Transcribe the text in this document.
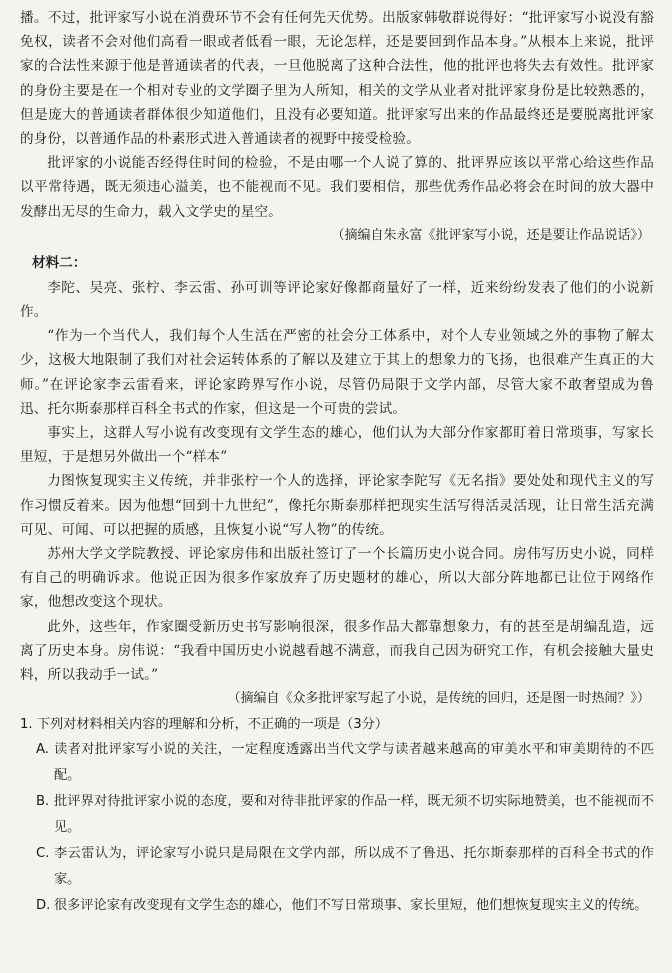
播。不过，批评家写小说在消费环节不会有任何先天优势。出版家韩敬群说得好：“批评家写小说没有豁免权，读者不会对他们高看一眼或者低看一眼，无论怎样，还是要回到作品本身。”从根本上来说，批评家的合法性来源于他是普通读者的代表，一旦他脱离了这种合法性，他的批评也将失去有效性。批评家的身份主要是在一个相对专业的文学圈子里为人所知，相关的文学从业者对批评家身份是比较熟悉的，但是庞大的普通读者群体很少知道他们，且没有必要知道。批评家写出来的作品最终还是要脱离批评家的身份，以普通作品的朴素形式进入普通读者的视野中接受检验。

批评家的小说能否经得住时间的检验，不是由哪一个人说了算的、批评界应该以平常心给这些作品以平常待遇，既无须违心溢美，也不能视而不见。我们要相信，那些优秀作品必将会在时间的放大器中发酵出无尽的生命力，载入文学史的星空。

（摘编自朱永富《批评家写小说，还是要让作品说话》）

材料二：

李陀、吴亮、张柠、李云雷、孙可训等评论家好像都商量好了一样，近来纷纷发表了他们的小说新作。

“作为一个当代人，我们每个人生活在严密的社会分工体系中，对个人专业领域之外的事物了解太少，这极大地限制了我们对社会运转体系的了解以及建立于其上的想象力的飞扬，也很难产生真正的大师。”在评论家李云雷看来，评论家跨界写作小说，尽管仍局限于文学内部，尽管大家不敢奢望成为鲁迅、托尔斯泰那样百科全书式的作家，但这是一个可贵的尝试。

事实上，这群人写小说有改变现有文学生态的雄心，他们认为大部分作家都盯着日常琐事，写家长里短，于是想另外做出一个“样本”

力图恢复现实主义传统，并非张柠一个人的选择，评论家李陀写《无名指》要处处和现代主义的写作习惯反着来。因为他想“回到十九世纪”，像托尔斯泰那样把现实生活写得活灵活现，让日常生活充满可见、可闻、可以把握的质感，且恢复小说“写人物”的传统。

苏州大学文学院教授、评论家房伟和出版社签订了一个长篇历史小说合同。房伟写历史小说，同样有自己的明确诉求。他说正因为很多作家放弃了历史题材的雄心，所以大部分阵地都已让位于网络作家，他想改变这个现状。

此外，这些年，作家圈受新历史书写影响很深，很多作品大都靠想象力，有的甚至是胡编乱造，远离了历史本身。房伟说：“我看中国历史小说越看越不满意，而我自己因为研究工作，有机会接触大量史料，所以我动手一试。”

（摘编自《众多批评家写起了小说，是传统的回归，还是图一时热闹？》）

1. 下列对材料相关内容的理解和分析，不正确的一项是（3分）

A. 读者对批评家写小说的关注，一定程度透露出当代文学与读者越来越高的审美水平和审美期待的不匹配。
B. 批评界对待批评家小说的态度，要和对待非批评家的作品一样，既无须不切实际地赞美，也不能视而不见。
C. 李云雷认为，评论家写小说只是局限在文学内部，所以成不了鲁迅、托尔斯泰那样的百科全书式的作家。
D. 很多评论家有改变现有文学生态的雄心，他们不写日常琐事、家长里短，他们想恢复现实主义的传统。
